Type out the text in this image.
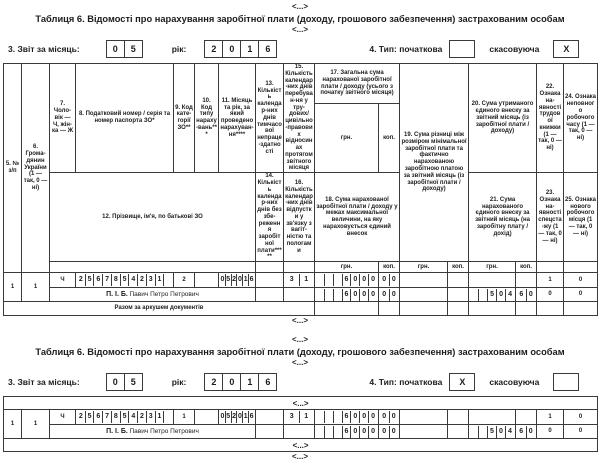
<...>
Таблиця 6. Відомості про нарахування заробітної плати (доходу, грошового забезпечення) застрахованим особам
<...>
3. Звіт за місяць:	0	5	рік:	2	0	1	6	4. Тип: початкова	скасовуюча	X
5. № з/п	6. Грома-дянин України (1 — так, 0 — ні)	7. Чоло-вік — Ч, жін-ка — Ж	8. Податковий номер / серія та номер паспорта ЗО*	9. Код кате-горії ЗО**	10. Код типу нараху-вань***	11. Місяць та рік, за який проведено нарахуван-ня****	13. Кількість календар-них днів тимчасової непраце-здатності	15. Кількість календар-них днів перебуван-ня у тру-дових/ цивільно-правових відносинах протягом звітного місяця	17. Загальна сума нарахованої заробітної плати / доходу (усього з початку звітного місяця)		19. Сума різниці між розміром мінімальної заробітної плати та фактично нарахованою заробітною платою за звітний місяць (із заробітної плати / доходу)		20. Сума утриманого єдиного внеску за звітний місяць (із заробітної плати / доходу)		22. Ознака на-явності трудової книжки (1 — так, 0 — ні)	24. Ознака неповного робочого часу (1 — так, 0 — ні)
									грн.	коп.						
		12. Прізвище, ім'я, по батькові ЗО					14. Кількість календар-них днів без збе-реження заробітної плати*****	16. Кількість календар-них днів відпустки у зв'язку з вагіт-ністю та пологами	18. Сума нарахованої заробітної плати / доходу у межах максимальної величини, на яку нараховується єдиний внесок				21. Сума нарахованого єдиного внеску за звітний місяць (на заробітну плату / дохід)		23. Ознака на-явності спецста-жу (1 — так, 0 — ні)	25. Ознака нового робочого місця (1 — так, 0 — ні)
									грн.	коп.	грн.	коп.	грн.	коп.		
1	1	Ч	2 5 6 7 8 5 4 2 3 1	2		0 5 2 0 1 6		3	1	6 0 0 0	0 0					1	0
		П. І. Б. Павич Петро Петрович							6 0 0 0	0 0			5 0 4	6 0	0	0
Разом за аркушем документів									

<...>
<...>
Таблиця 6. Відомості про нарахування заробітної плати (доходу, грошового забезпечення) застрахованим особам
<...>
3. Звіт за місяць:	0	5	рік:	2	0	1	6	4. Тип: початкова	X	скасовуюча
<...>																
1	1	Ч	2 5 6 7 8 5 4 2 3 1	1		0 5 2 0 1 6		3	1	6 0 0 0	0 0					1	0
		П. І. Б. Павич Петро Петрович							6 0 0 0	0 0			5 0 4	6 0	0	0
<...>																
<...>
